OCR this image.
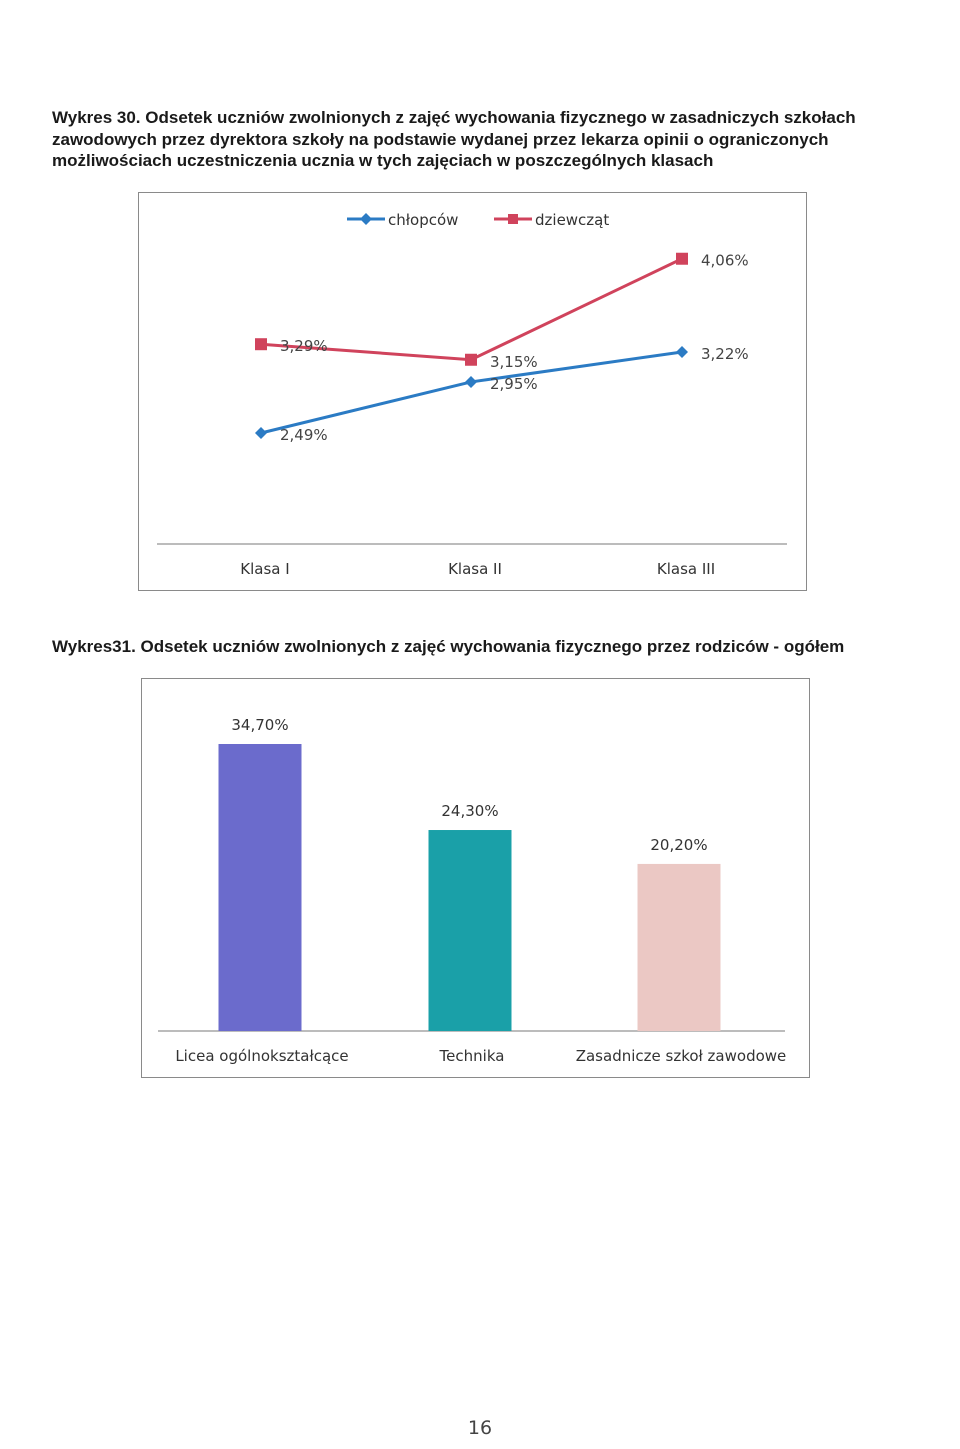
Wykres 30. Odsetek uczniów zwolnionych z zajęć wychowania fizycznego w zasadniczych szkołach zawodowych przez dyrektora szkoły na podstawie wydanej przez lekarza opinii o ograniczonych możliwościach uczestniczenia ucznia w tych zajęciach w poszczególnych klasach
chłopców	dziewcząt
2,49%
2,95%
3,22%
3,29%
3,15%
4,06%
Klasa I	Klasa II	Klasa III
Wykres31. Odsetek uczniów zwolnionych z zajęć wychowania fizycznego przez rodziców - ogółem
34,70%
Licea ogólnokształcące
24,30%
Technika
20,20%
Zasadnicze szkoł zawodowe
16
